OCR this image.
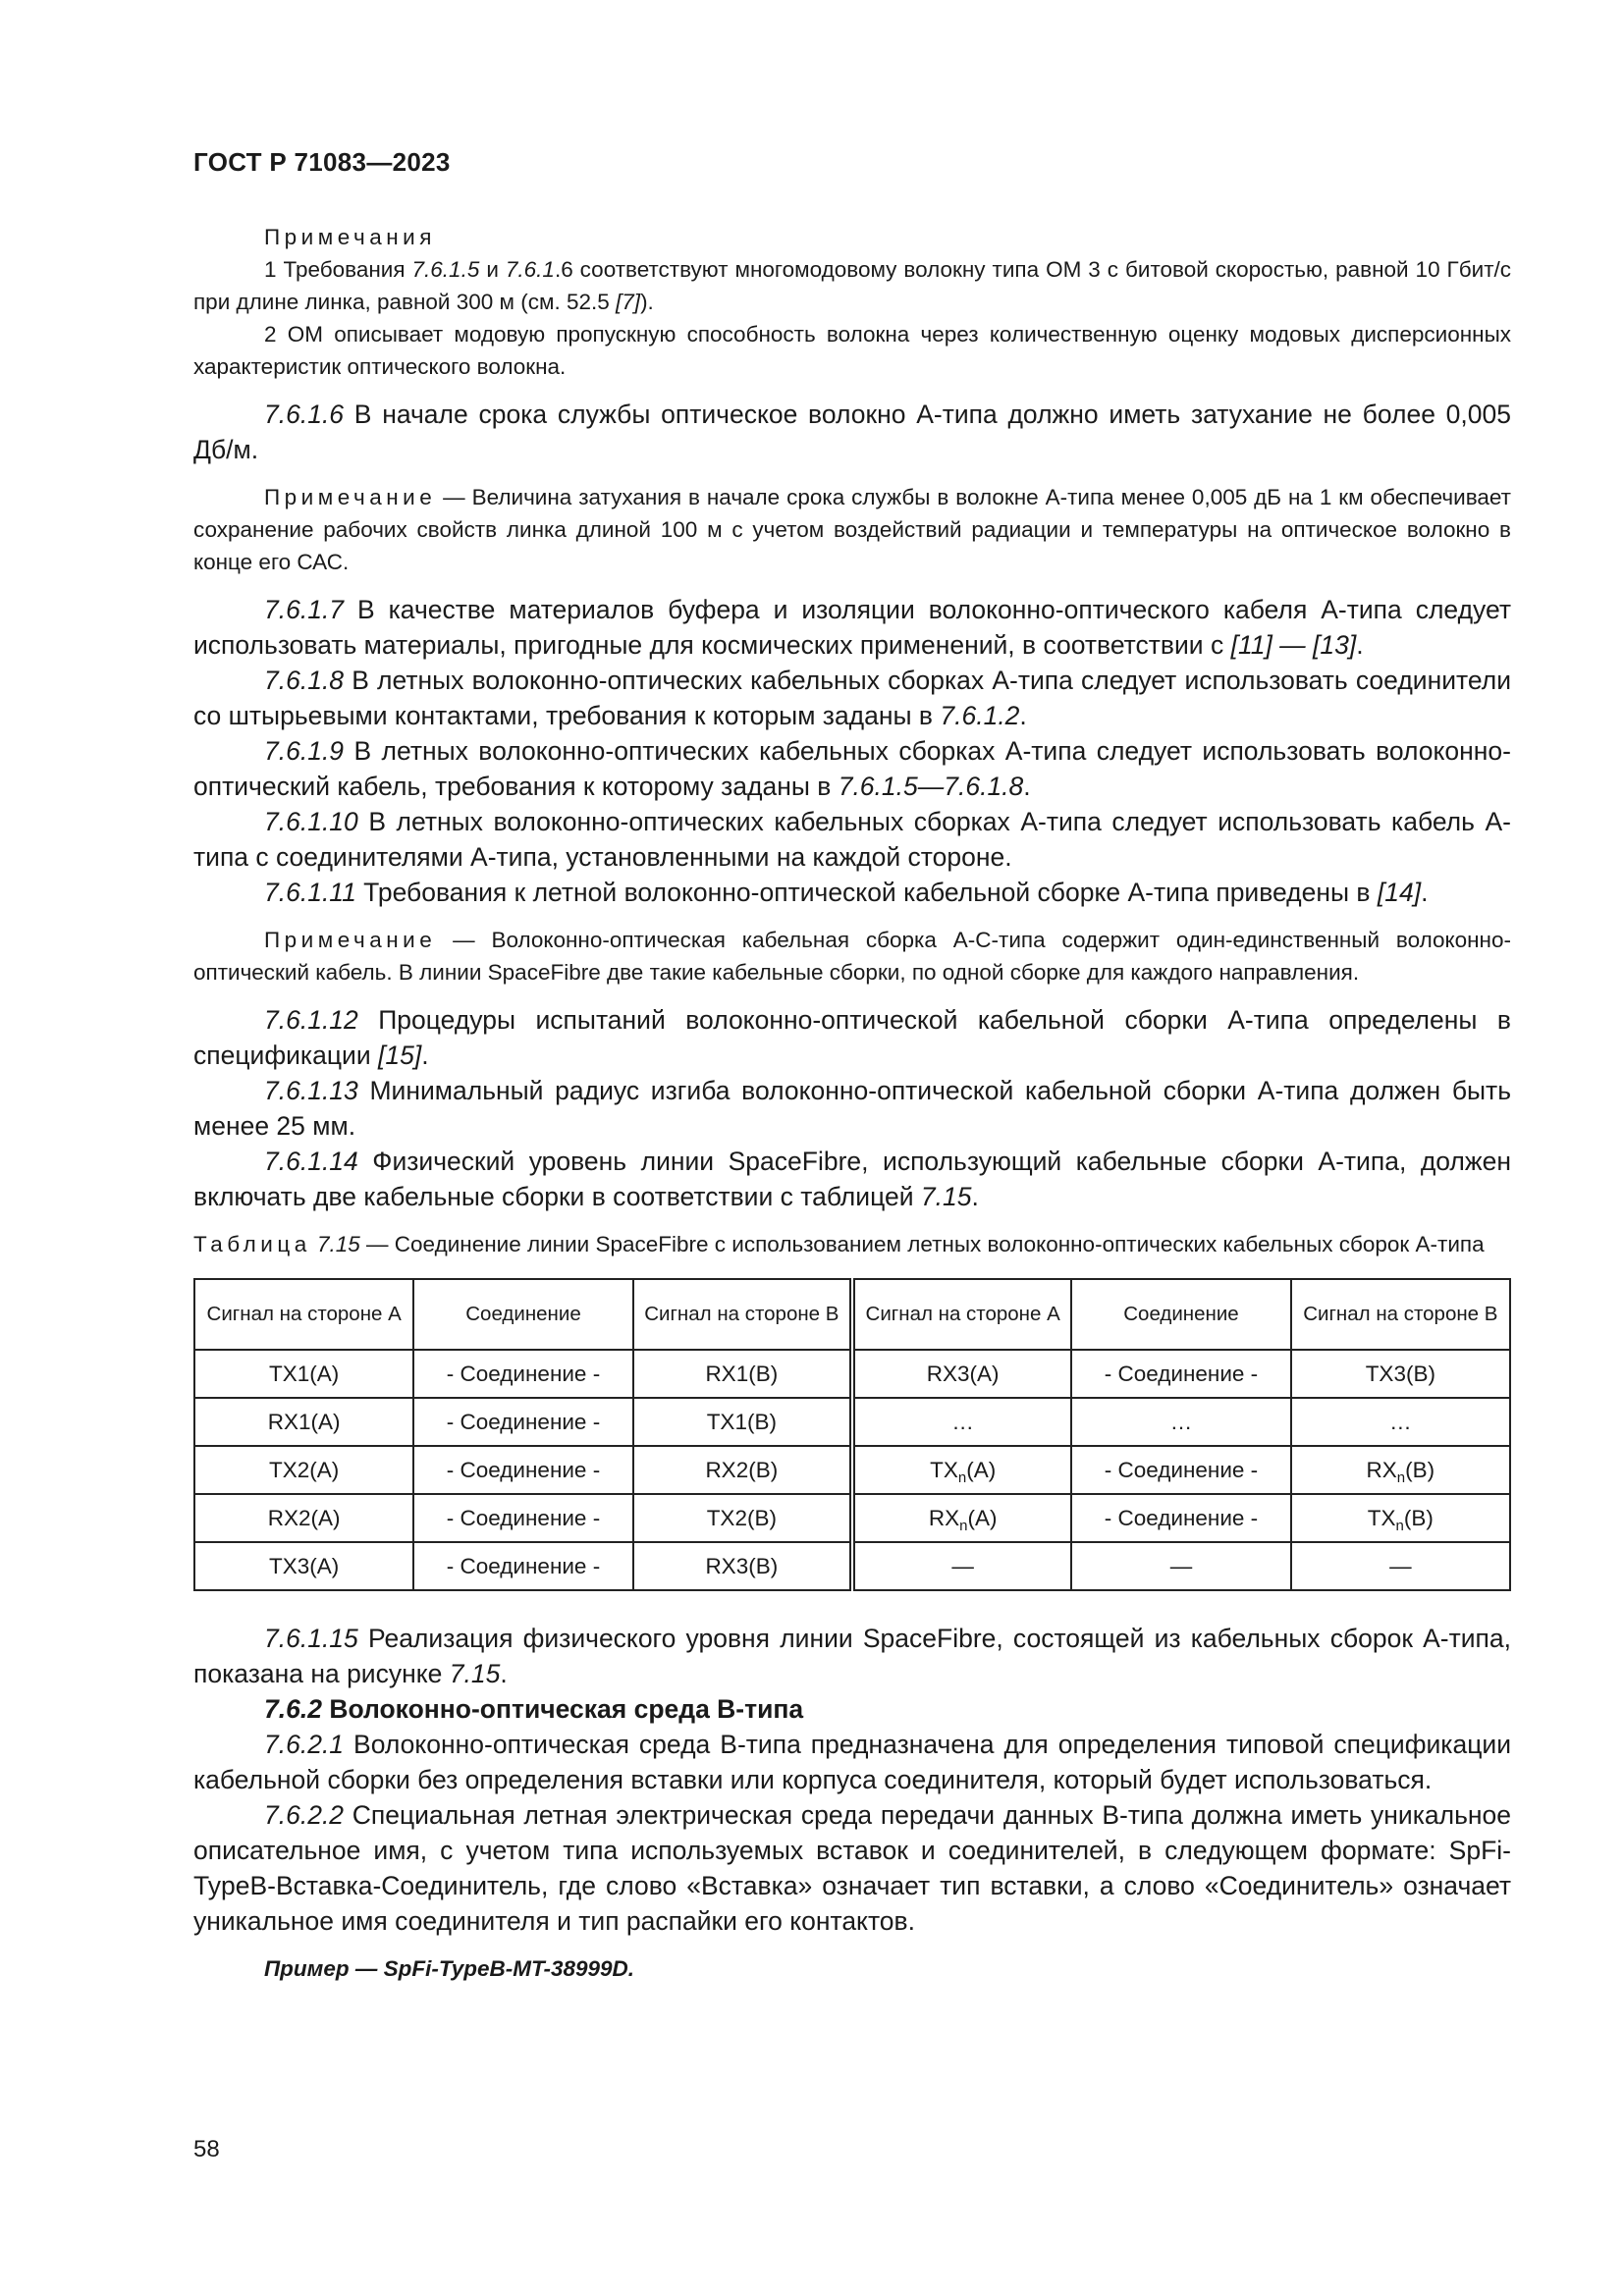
ГОСТ Р 71083—2023
Примечания
1 Требования 7.6.1.5 и 7.6.1.6 соответствуют многомодовому волокну типа ОМ 3 с битовой скоростью, равной 10 Гбит/с при длине линка, равной 300 м (см. 52.5 [7]).
2 ОМ описывает модовую пропускную способность волокна через количественную оценку модовых дисперсионных характеристик оптического волокна.

7.6.1.6 В начале срока службы оптическое волокно А-типа должно иметь затухание не более 0,005 Дб/м.

Примечание — Величина затухания в начале срока службы в волокне А-типа менее 0,005 дБ на 1 км обеспечивает сохранение рабочих свойств линка длиной 100 м с учетом воздействий радиации и температуры на оптическое волокно в конце его САС.

7.6.1.7 В качестве материалов буфера и изоляции волоконно-оптического кабеля А-типа следует использовать материалы, пригодные для космических применений, в соответствии с [11] — [13].

7.6.1.8 В летных волоконно-оптических кабельных сборках А-типа следует использовать соединители со штырьевыми контактами, требования к которым заданы в 7.6.1.2.

7.6.1.9 В летных волоконно-оптических кабельных сборках А-типа следует использовать волоконно-оптический кабель, требования к которому заданы в 7.6.1.5—7.6.1.8.

7.6.1.10 В летных волоконно-оптических кабельных сборках А-типа следует использовать кабель А-типа с соединителями А-типа, установленными на каждой стороне.

7.6.1.11 Требования к летной волоконно-оптической кабельной сборке А-типа приведены в [14].

Примечание — Волоконно-оптическая кабельная сборка А-С-типа содержит один-единственный волоконно-оптический кабель. В линии SpaceFibre две такие кабельные сборки, по одной сборке для каждого направления.

7.6.1.12 Процедуры испытаний волоконно-оптической кабельной сборки А-типа определены в спецификации [15].

7.6.1.13 Минимальный радиус изгиба волоконно-оптической кабельной сборки А-типа должен быть менее 25 мм.

7.6.1.14 Физический уровень линии SpaceFibre, использующий кабельные сборки А-типа, должен включать две кабельные сборки в соответствии с таблицей 7.15.

Таблица 7.15 — Соединение линии SpaceFibre с использованием летных волоконно-оптических кабельных сборок А-типа

Сигнал на стороне А	Соединение	Сигнал на стороне В	Сигнал на стороне А	Соединение	Сигнал на стороне В
TX1(A)	- Соединение -	RX1(B)	RX3(A)	- Соединение -	TX3(B)
RX1(A)	- Соединение -	TX1(B)	…	…	…
TX2(A)	- Соединение -	RX2(B)	$TX_n(A)$	- Соединение -	$RX_n(B)$
RX2(A)	- Соединение -	TX2(B)	$RX_n(A)$	- Соединение -	$TX_n(B)$
TX3(A)	- Соединение -	RX3(B)	—	—	—

7.6.1.15 Реализация физического уровня линии SpaceFibre, состоящей из кабельных сборок А-типа, показана на рисунке 7.15.

7.6.2 Волоконно-оптическая среда В-типа

7.6.2.1 Волоконно-оптическая среда В-типа предназначена для определения типовой спецификации кабельной сборки без определения вставки или корпуса соединителя, который будет использоваться.

7.6.2.2 Специальная летная электрическая среда передачи данных В-типа должна иметь уникальное описательное имя, с учетом типа используемых вставок и соединителей, в следующем формате: SpFi-TypeB-Вставка-Соединитель, где слово «Вставка» означает тип вставки, а слово «Соединитель» означает уникальное имя соединителя и тип распайки его контактов.

Пример — SpFi-TypeB-MT-38999D.

58
